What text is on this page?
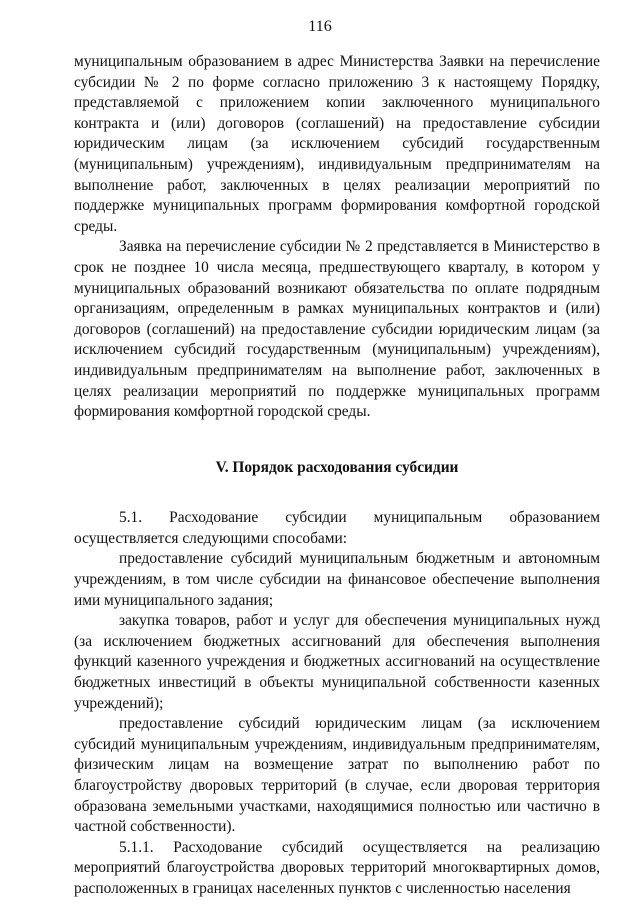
116

муниципальным образованием в адрес Министерства Заявки на перечисление субсидии № 2 по форме согласно приложению 3 к настоящему Порядку, представляемой с приложением копии заключенного муниципального контракта и (или) договоров (соглашений) на предоставление субсидии юридическим лицам (за исключением субсидий государственным (муниципальным) учреждениям), индивидуальным предпринимателям на выполнение работ, заключенных в целях реализации мероприятий по поддержке муниципальных программ формирования комфортной городской среды.

Заявка на перечисление субсидии № 2 представляется в Министерство в срок не позднее 10 числа месяца, предшествующего кварталу, в котором у муниципальных образований возникают обязательства по оплате подрядным организациям, определенным в рамках муниципальных контрактов и (или) договоров (соглашений) на предоставление субсидии юридическим лицам (за исключением субсидий государственным (муниципальным) учреждениям), индивидуальным предпринимателям на выполнение работ, заключенных в целях реализации мероприятий по поддержке муниципальных программ формирования комфортной городской среды.

V. Порядок расходования субсидии

5.1. Расходование субсидии муниципальным образованием осуществляется следующими способами:

предоставление субсидий муниципальным бюджетным и автономным учреждениям, в том числе субсидии на финансовое обеспечение выполнения ими муниципального задания;

закупка товаров, работ и услуг для обеспечения муниципальных нужд (за исключением бюджетных ассигнований для обеспечения выполнения функций казенного учреждения и бюджетных ассигнований на осуществление бюджетных инвестиций в объекты муниципальной собственности казенных учреждений);

предоставление субсидий юридическим лицам (за исключением субсидий муниципальным учреждениям, индивидуальным предпринимателям, физическим лицам на возмещение затрат по выполнению работ по благоустройству дворовых территорий (в случае, если дворовая территория образована земельными участками, находящимися полностью или частично в частной собственности).

5.1.1. Расходование субсидий осуществляется на реализацию мероприятий благоустройства дворовых территорий многоквартирных домов, расположенных в границах населенных пунктов с численностью населения
